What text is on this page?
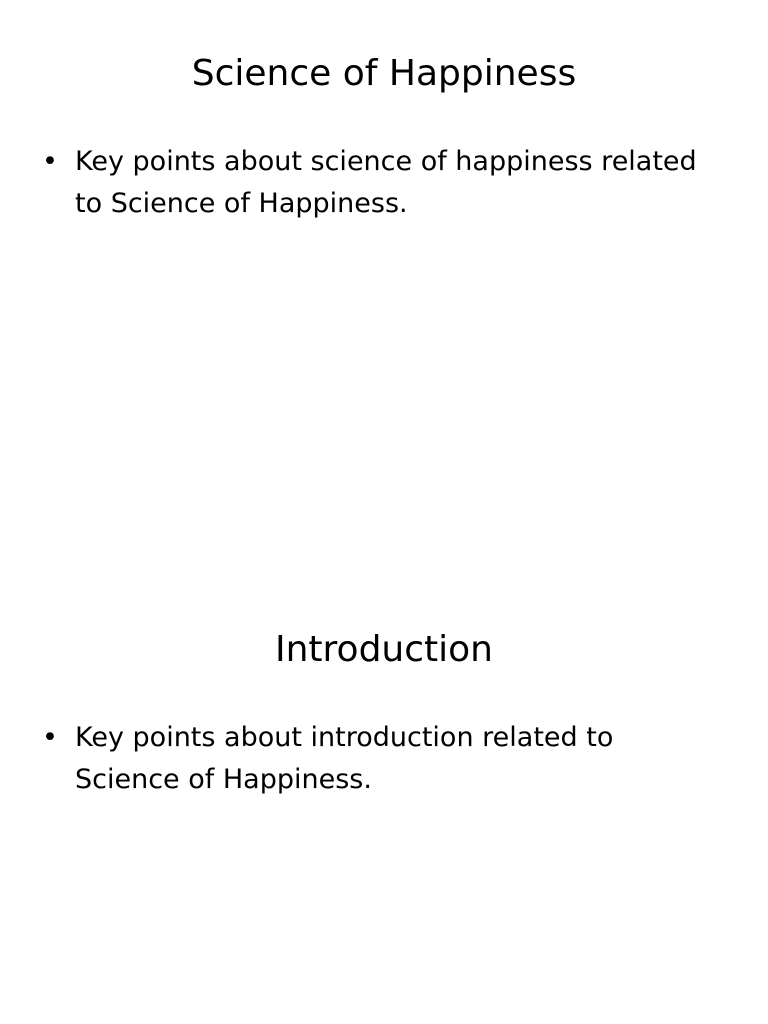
Science of Happiness
• Key points about science of happiness related to Science of Happiness.
Introduction
• Key points about introduction related to Science of Happiness.
